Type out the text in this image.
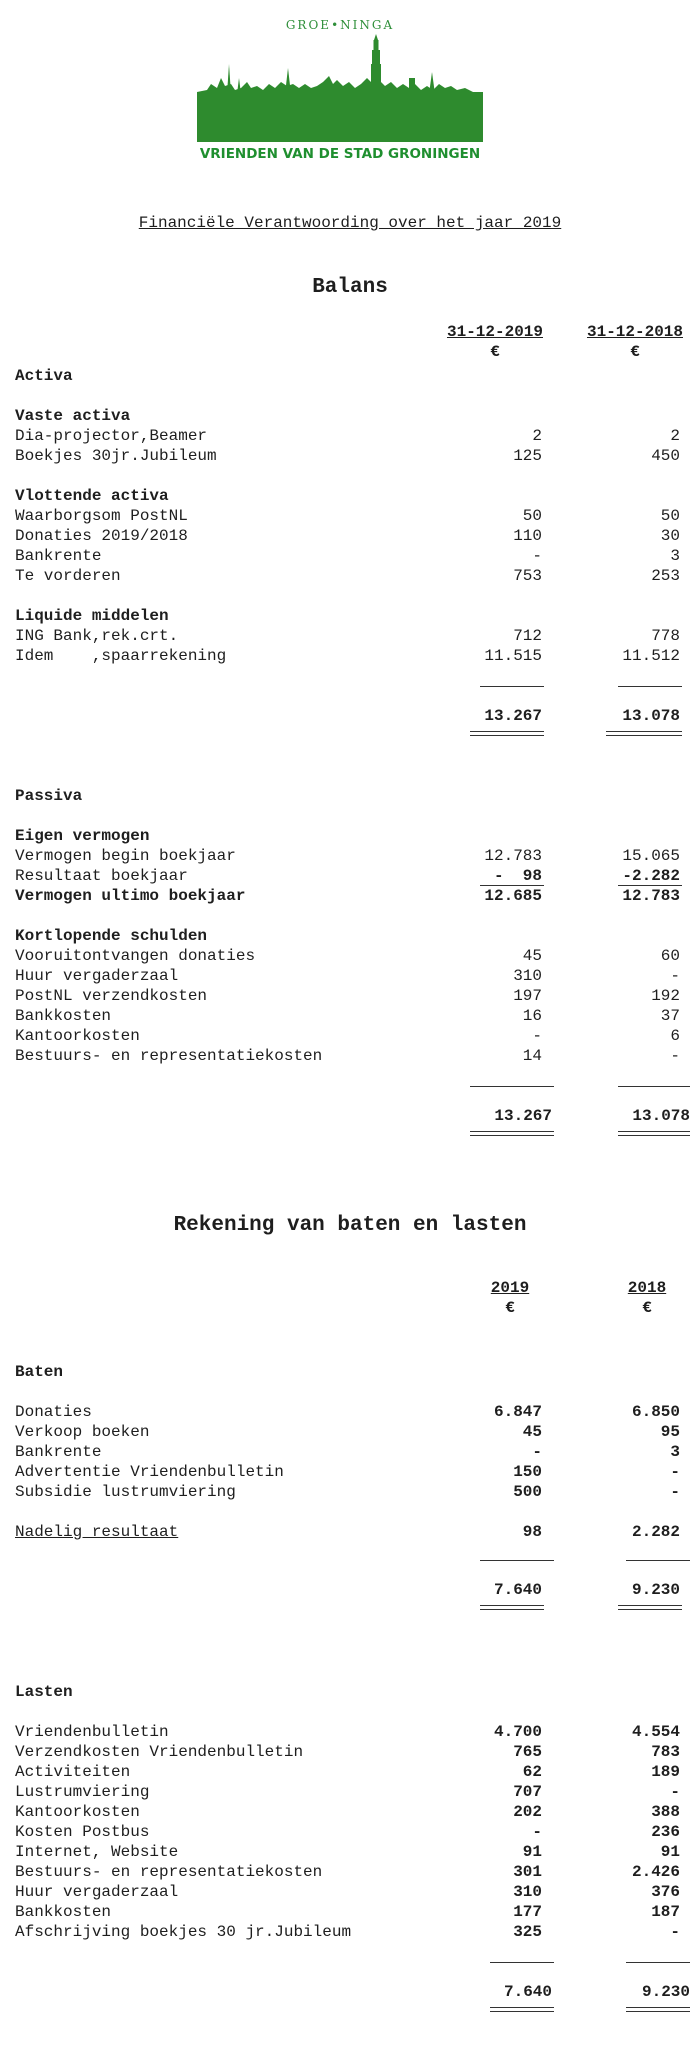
GROE•NINGA
VRIENDEN VAN DE STAD GRONINGEN
Financiële Verantwoording over het jaar 2019
Balans
31-12-2019
€
31-12-2018
€
Activa
Vaste activa
Dia-projector,Beamer	2	2
Boekjes 30jr.Jubileum	125	450
Vlottende activa
Waarborgsom PostNL	50	50
Donaties 2019/2018	110	30
Bankrente	-	3
Te vorderen	753	253
Liquide middelen
ING Bank,rek.crt.	712	778
Idem    ,spaarrekening	11.515	11.512
13.267	13.078
Passiva
Eigen vermogen
Vermogen begin boekjaar	12.783	15.065
Resultaat boekjaar	-  98	-2.282
Vermogen ultimo boekjaar	12.685	12.783
Kortlopende schulden
Vooruitontvangen donaties	45	60
Huur vergaderzaal	310	-
PostNL verzendkosten	197	192
Bankkosten	16	37
Kantoorkosten	-	6
Bestuurs- en representatiekosten	14	-
13.267	13.078
Rekening van baten en lasten
2019
€
2018
€
Baten
Donaties	6.847	6.850
Verkoop boeken	45	95
Bankrente	-	3
Advertentie Vriendenbulletin	150	-
Subsidie lustrumviering	500	-
Nadelig resultaat	98	2.282
7.640	9.230
Lasten
Vriendenbulletin	4.700	4.554
Verzendkosten Vriendenbulletin	765	783
Activiteiten	62	189
Lustrumviering	707	-
Kantoorkosten	202	388
Kosten Postbus	-	236
Internet, Website	91	91
Bestuurs- en representatiekosten	301	2.426
Huur vergaderzaal	310	376
Bankkosten	177	187
Afschrijving boekjes 30 jr.Jubileum	325	-
7.640	9.230
